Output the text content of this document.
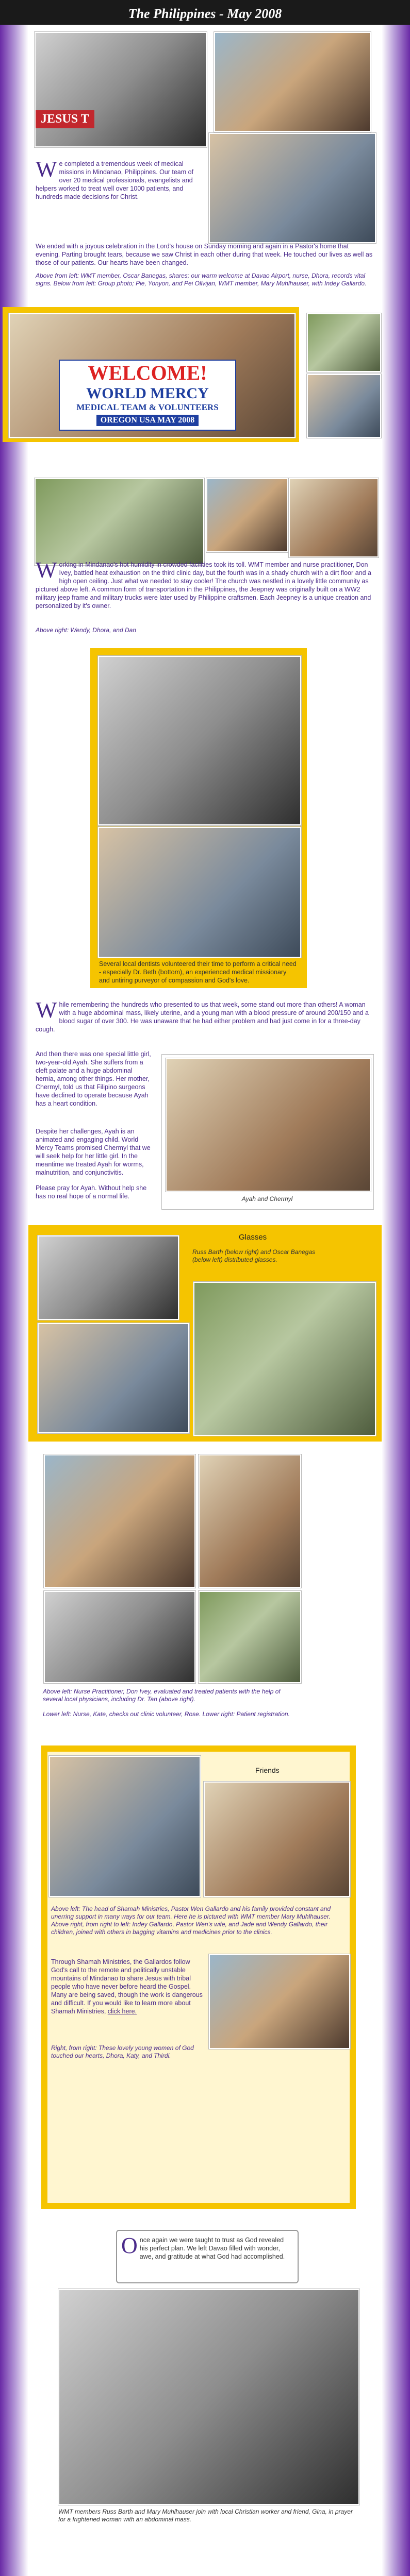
The Philippines - May 2008
JESUS T
We completed a tremendous week of medical missions in Mindanao, Philippines. Our team of over 20 medical professionals, evangelists and helpers worked to treat well over 1000 patients, and hundreds made decisions for Christ.
We ended with a joyous celebration in the Lord's house on Sunday morning and again in a Pastor's home that evening. Parting brought tears, because we saw Christ in each other during that week. He touched our lives as well as those of our patients. Our hearts have been changed.
Above from left: WMT member, Oscar Banegas, shares; our warm welcome at Davao Airport, nurse, Dhora, records vital signs. Below from left: Group photo; Pie, Yonyon, and Pei Ollvijan, WMT member, Mary Muhlhauser, with Indey Gallardo.
WELCOME!
WORLD MERCY
MEDICAL TEAM & VOLUNTEERS
OREGON USA MAY 2008
Working in Mindanao's hot humidity in crowded facilities took its toll. WMT member and nurse practitioner, Don Ivey, battled heat exhaustion on the third clinic day, but the fourth was in a shady church with a dirt floor and a high open ceiling. Just what we needed to stay cooler! The church was nestled in a lovely little community as pictured above left. A common form of transportation in the Philippines, the Jeepney was originally built on a WW2 military jeep frame and military trucks were later used by Philippine craftsmen. Each Jeepney is a unique creation and personalized by it's owner.
Above right: Wendy, Dhora, and Dan
Several local dentists volunteered their time to perform a critical need - especially Dr. Beth (bottom), an experienced medical missionary and untiring purveyor of compassion and God's love.
While remembering the hundreds who presented to us that week, some stand out more than others! A woman with a huge abdominal mass, likely uterine, and a young man with a blood pressure of around 200/150 and a blood sugar of over 300. He was unaware that he had either problem and had just come in for a three-day cough.
And then there was one special little girl, two-year-old Ayah. She suffers from a cleft palate and a huge abdominal hernia, among other things. Her mother, Chermyl, told us that Filipino surgeons have declined to operate because Ayah has a heart condition.
Despite her challenges, Ayah is an animated and engaging child. World Mercy Teams promised Chermyl that we will seek help for her little girl. In the meantime we treated Ayah for worms, malnutrition, and conjunctivitis.
Please pray for Ayah. Without help she has no real hope of a normal life.	Ayah and Chermyl
Glasses
Russ Barth (below right) and Oscar Banegas (below left) distributed glasses.
Above left: Nurse Practitioner, Don Ivey, evaluated and treated patients with the help of several local physicians, including Dr. Tan (above right).
Lower left: Nurse, Kate, checks out clinic volunteer, Rose. Lower right: Patient registration.
Friends
Above left: The head of Shamah Ministries, Pastor Wen Gallardo and his family provided constant and unerring support in many ways for our team. Here he is pictured with WMT member Mary Muhlhauser. Above right, from right to left: Indey Gallardo, Pastor Wen's wife, and Jade and Wendy Gallardo, their children, joined with others in bagging vitamins and medicines prior to the clinics.
Through Shamah Ministries, the Gallardos follow God's call to the remote and politically unstable mountains of Mindanao to share Jesus with tribal people who have never before heard the Gospel. Many are being saved, though the work is dangerous and difficult. If you would like to learn more about Shamah Ministries, click here.
Right, from right: These lovely young women of God touched our hearts, Dhora, Katy, and Thirdi.
Once again we were taught to trust as God revealed his perfect plan. We left Davao filled with wonder, awe, and gratitude at what God had accomplished.
WMT members Russ Barth and Mary Muhlhauser join with local Christian worker and friend, Gina, in prayer for a frightened woman with an abdominal mass.
